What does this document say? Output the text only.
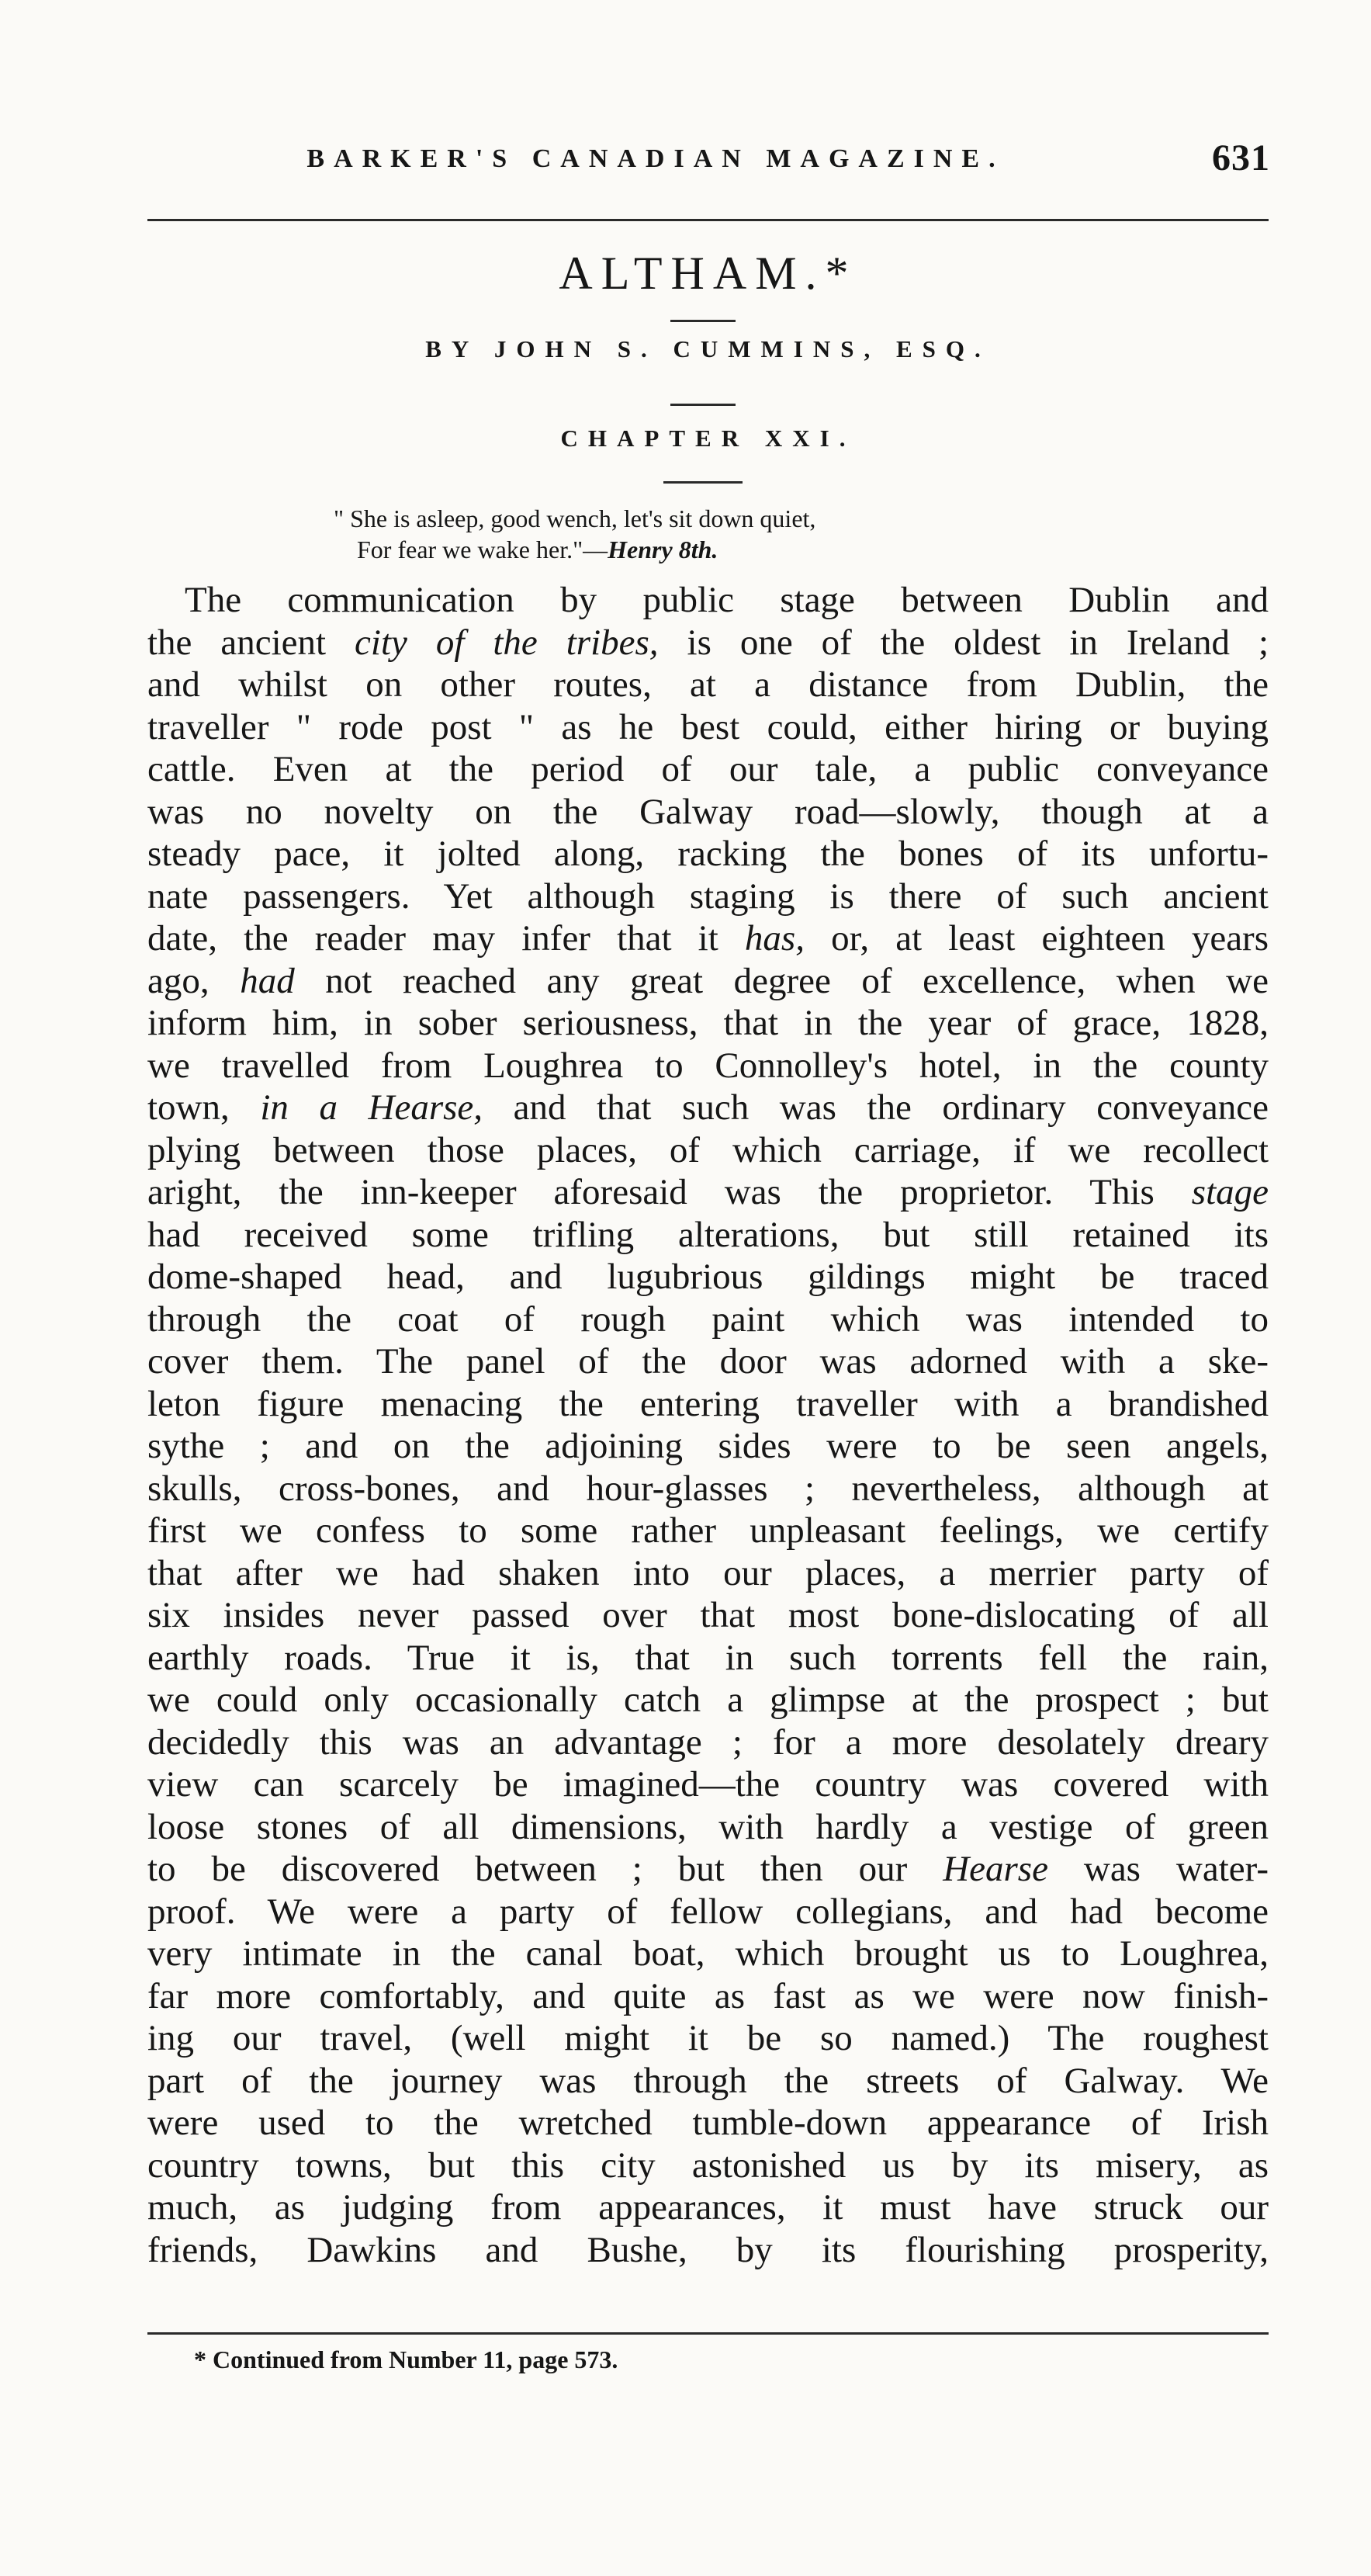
BARKER'S CANADIAN MAGAZINE.	631
ALTHAM.*
BY JOHN S. CUMMINS, ESQ.
CHAPTER XXI.
" She is asleep, good wench, let's sit down quiet,
For fear we wake her."—Henry 8th.
The communication by public stage between Dublin and
the ancient city of the tribes, is one of the oldest in Ireland ;
and whilst on other routes, at a distance from Dublin, the
traveller " rode post " as he best could, either hiring or buying
cattle. Even at the period of our tale, a public conveyance
was no novelty on the Galway road—slowly, though at a
steady pace, it jolted along, racking the bones of its unfortu-
nate passengers. Yet although staging is there of such ancient
date, the reader may infer that it has, or, at least eighteen years
ago, had not reached any great degree of excellence, when we
inform him, in sober seriousness, that in the year of grace, 1828,
we travelled from Loughrea to Connolley's hotel, in the county
town, in a Hearse, and that such was the ordinary conveyance
plying between those places, of which carriage, if we recollect
aright, the inn-keeper aforesaid was the proprietor. This stage
had received some trifling alterations, but still retained its
dome-shaped head, and lugubrious gildings might be traced
through the coat of rough paint which was intended to
cover them. The panel of the door was adorned with a ske-
leton figure menacing the entering traveller with a brandished
sythe ; and on the adjoining sides were to be seen angels,
skulls, cross-bones, and hour-glasses ; nevertheless, although at
first we confess to some rather unpleasant feelings, we certify
that after we had shaken into our places, a merrier party of
six insides never passed over that most bone-dislocating of all
earthly roads. True it is, that in such torrents fell the rain,
we could only occasionally catch a glimpse at the prospect ; but
decidedly this was an advantage ; for a more desolately dreary
view can scarcely be imagined—the country was covered with
loose stones of all dimensions, with hardly a vestige of green
to be discovered between ; but then our Hearse was water-
proof. We were a party of fellow collegians, and had become
very intimate in the canal boat, which brought us to Loughrea,
far more comfortably, and quite as fast as we were now finish-
ing our travel, (well might it be so named.) The roughest
part of the journey was through the streets of Galway. We
were used to the wretched tumble-down appearance of Irish
country towns, but this city astonished us by its misery, as
much, as judging from appearances, it must have struck our
friends, Dawkins and Bushe, by its flourishing prosperity,
* Continued from Number 11, page 573.
